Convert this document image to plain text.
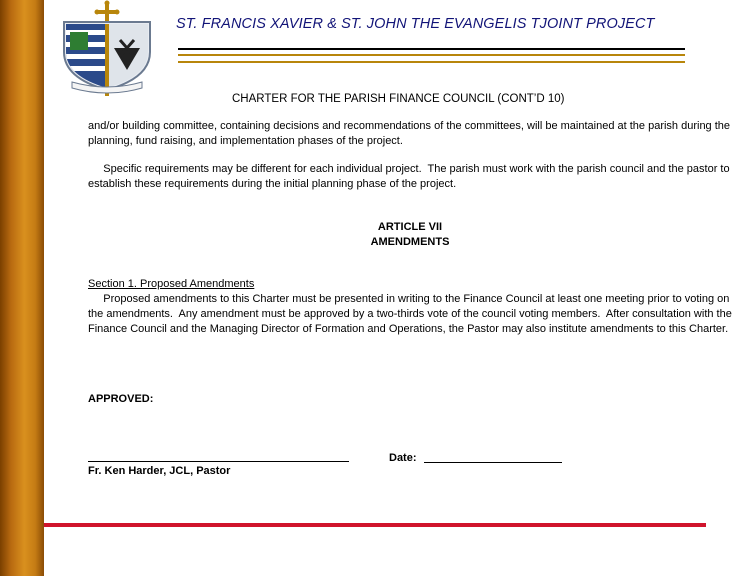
ST. FRANCIS XAVIER & ST. JOHN THE EVANGELIS TJOINT PROJECT
CHARTER FOR THE PARISH FINANCE COUNCIL (CONT’D 10)
and/or building committee, containing decisions and recommendations of the committees, will be maintained at the parish during the planning, fund raising, and implementation phases of the project.
Specific requirements may be different for each individual project.  The parish must work with the parish council and the pastor to establish these requirements during the initial planning phase of the project.
ARTICLE VII
AMENDMENTS
Section 1. Proposed Amendments
Proposed amendments to this Charter must be presented in writing to the Finance Council at least one meeting prior to voting on the amendments.  Any amendment must be approved by a two-thirds vote of the council voting members.  After consultation with the Finance Council and the Managing Director of Formation and Operations, the Pastor may also institute amendments to this Charter.
APPROVED:
Fr. Ken Harder, JCL, Pastor
Date:
